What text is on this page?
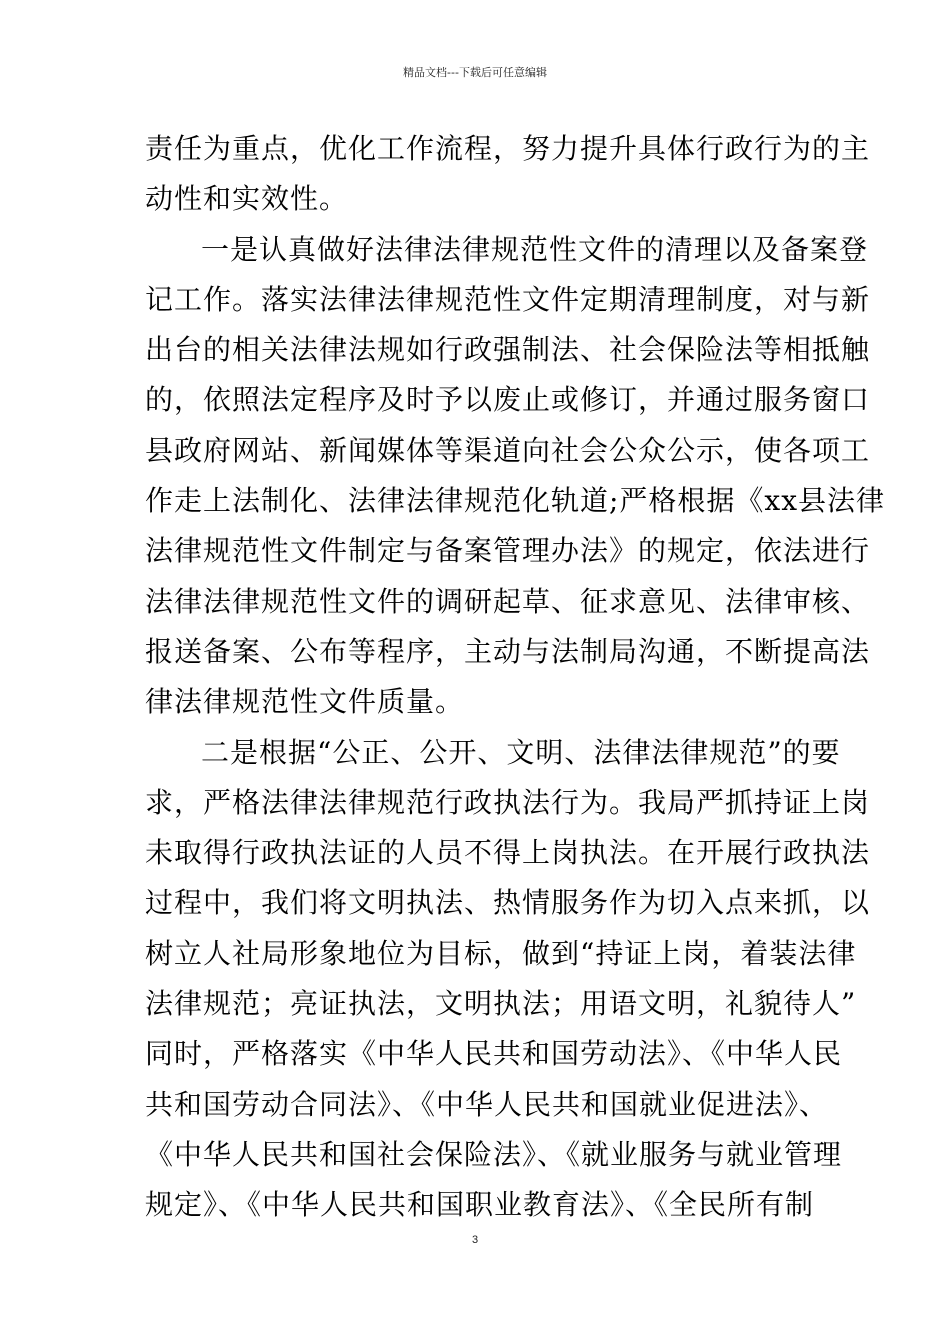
精品文档---下载后可任意编辑
责任为重点，优化工作流程，努力提升具体行政行为的主
动性和实效性。
一是认真做好法律法律规范性文件的清理以及备案登
记工作。落实法律法律规范性文件定期清理制度，对与新
出台的相关法律法规如行政强制法、社会保险法等相抵触
的，依照法定程序及时予以废止或修订，并通过服务窗口
县政府网站、新闻媒体等渠道向社会公众公示，使各项工
作走上法制化、法律法律规范化轨道;严格根据《xx县法律
法律规范性文件制定与备案管理办法》的规定，依法进行
法律法律规范性文件的调研起草、征求意见、法律审核、
报送备案、公布等程序，主动与法制局沟通，不断提高法
律法律规范性文件质量。
二是根据“公正、公开、文明、法律法律规范”的要
求，严格法律法律规范行政执法行为。我局严抓持证上岗
未取得行政执法证的人员不得上岗执法。在开展行政执法
过程中，我们将文明执法、热情服务作为切入点来抓，以
树立人社局形象地位为目标，做到“持证上岗，着装法律
法律规范；亮证执法，文明执法；用语文明，礼貌待人”
同时，严格落实《中华人民共和国劳动法》、《中华人民
共和国劳动合同法》、《中华人民共和国就业促进法》、
《中华人民共和国社会保险法》、《就业服务与就业管理
规定》、《中华人民共和国职业教育法》、《全民所有制
3
